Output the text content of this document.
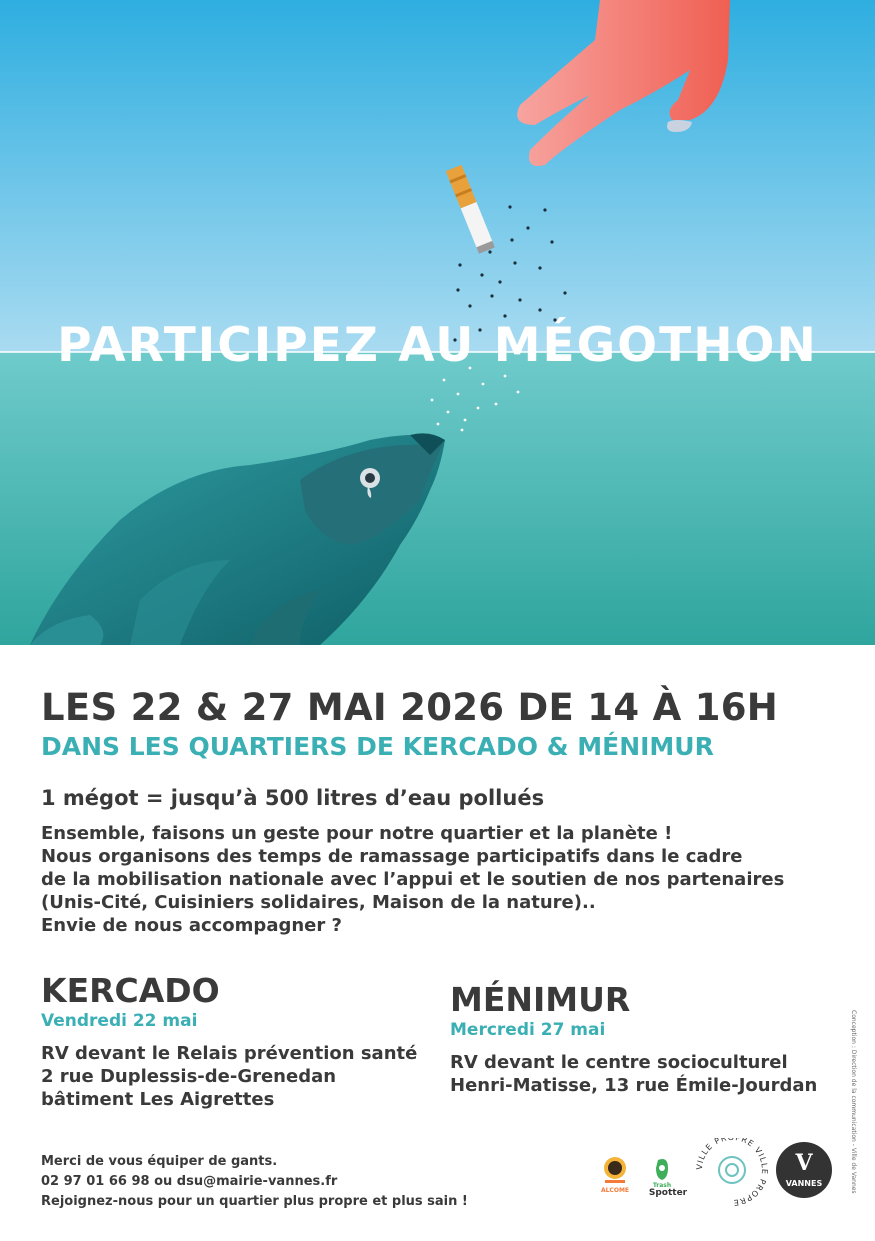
PARTICIPEZ AU MÉGOTHON
LES 22 & 27 MAI 2026 DE 14 À 16H
DANS LES QUARTIERS DE KERCADO & MÉNIMUR
1 mégot = jusqu’à 500 litres d’eau pollués
Ensemble, faisons un geste pour notre quartier et la planète !
Nous organisons des temps de ramassage participatifs dans le cadre
de la mobilisation nationale avec l’appui et le soutien de nos partenaires
(Unis-Cité, Cuisiniers solidaires, Maison de la nature)..
Envie de nous accompagner ?
KERCADO
Vendredi 22 mai
RV devant le Relais prévention santé
2 rue Duplessis-de-Grenedan
bâtiment Les Aigrettes
MÉNIMUR
Mercredi 27 mai
RV devant le centre socioculturel
Henri-Matisse, 13 rue Émile-Jourdan
Merci de vous équiper de gants.
02 97 01 66 98 ou dsu@mairie-vannes.fr
Rejoignez-nous pour un quartier plus propre et plus sain !
ALCOME
Trash
Spotter
VILLE PR PRE VILLE PROPRE
V
VANNES	Conception : Direction de la communication - Ville de Vannes
